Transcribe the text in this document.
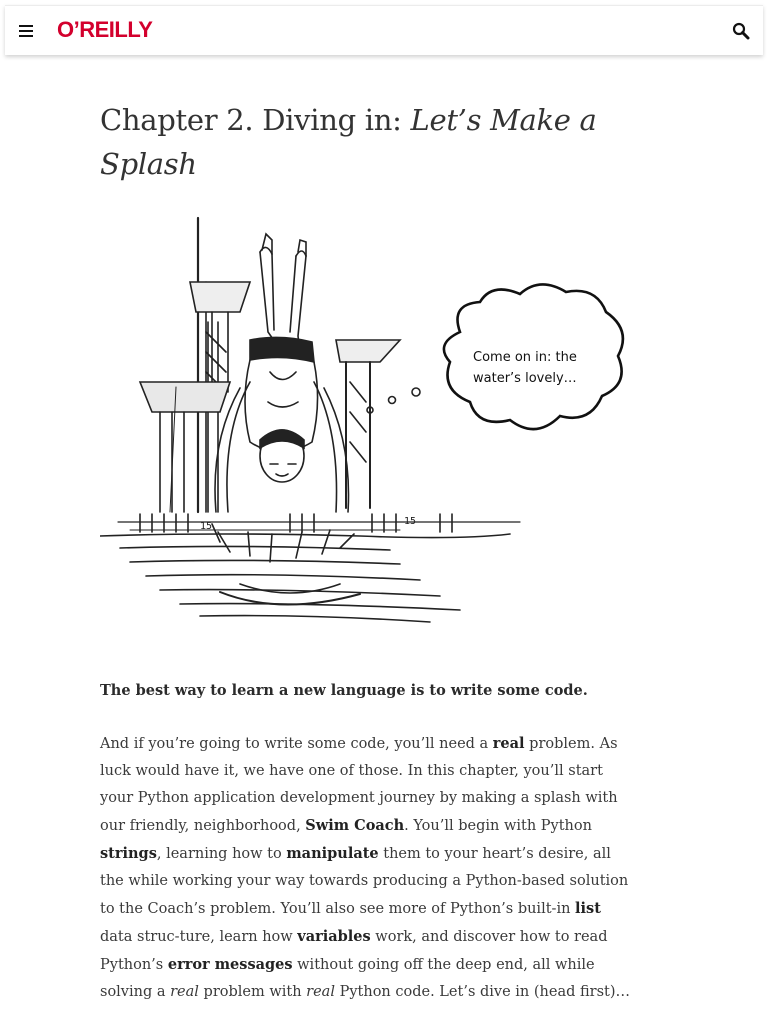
O’REILLY
Chapter 2. Diving in: Let’s Make a Splash
15	15
Come on in: the
water’s lovely…

The best way to learn a new language is to write some code.

And if you’re going to write some code, you’ll need a real problem. As luck would have it, we have one of those. In this chapter, you’ll start your Python application development journey by making a splash with our friendly, neighborhood, Swim Coach. You’ll begin with Python strings, learning how to manipulate them to your heart’s desire, all the while working your way towards producing a Python-based solution to the Coach’s problem. You’ll also see more of Python’s built-in list data struc-ture, learn how variables work, and discover how to read Python’s error messages without going off the deep end, all while solving a real problem with real Python code. Let’s dive in (head first)…
